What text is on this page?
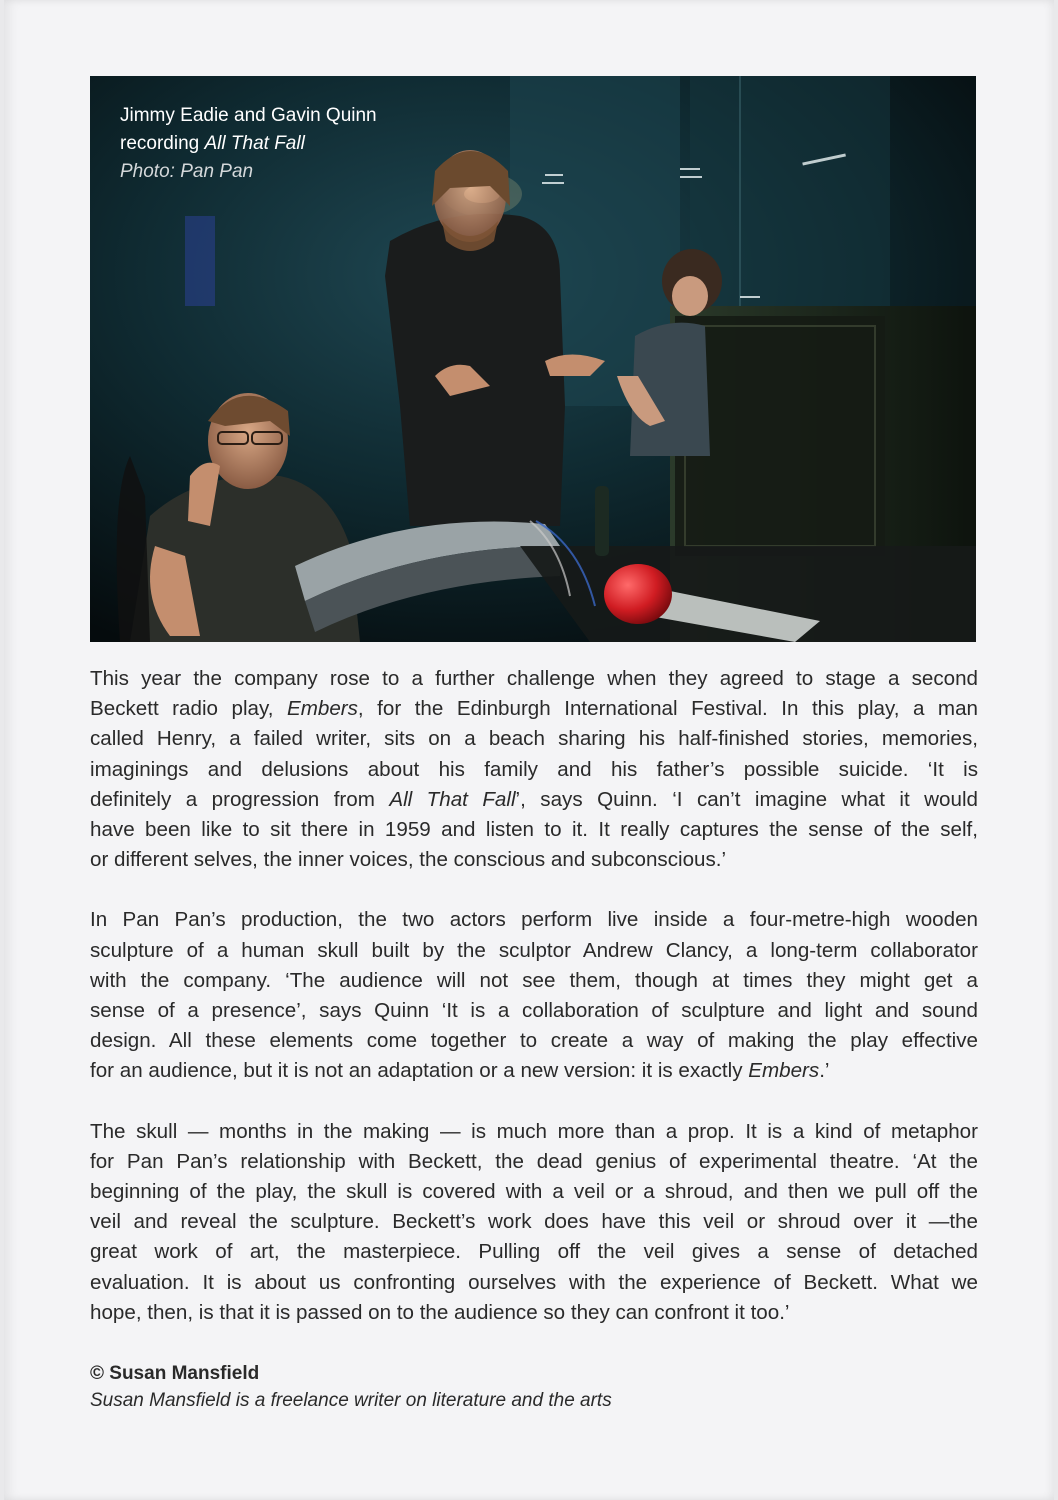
Jimmy Eadie and Gavin Quinn
recording All That Fall
Photo: Pan Pan
This year the company rose to a further challenge when they agreed to stage a second
Beckett radio play, Embers, for the Edinburgh International Festival. In this play, a man
called Henry, a failed writer, sits on a beach sharing his half-finished stories, memories,
imaginings and delusions about his family and his father’s possible suicide. ‘It is
definitely a progression from All That Fall’, says Quinn. ‘I can’t imagine what it would
have been like to sit there in 1959 and listen to it. It really captures the sense of the self,
or different selves, the inner voices, the conscious and subconscious.’
In Pan Pan’s production, the two actors perform live inside a four-metre-high wooden
sculpture of a human skull built by the sculptor Andrew Clancy, a long-term collaborator
with the company. ‘The audience will not see them, though at times they might get a
sense of a presence’, says Quinn ‘It is a collaboration of sculpture and light and sound
design. All these elements come together to create a way of making the play effective
for an audience, but it is not an adaptation or a new version: it is exactly Embers.’
The skull — months in the making — is much more than a prop. It is a kind of metaphor
for Pan Pan’s relationship with Beckett, the dead genius of experimental theatre. ‘At the
beginning of the play, the skull is covered with a veil or a shroud, and then we pull off the
veil and reveal the sculpture. Beckett’s work does have this veil or shroud over it —the
great work of art, the masterpiece. Pulling off the veil gives a sense of detached
evaluation. It is about us confronting ourselves with the experience of Beckett. What we
hope, then, is that it is passed on to the audience so they can confront it too.’
© Susan Mansfield
Susan Mansfield is a freelance writer on literature and the arts
